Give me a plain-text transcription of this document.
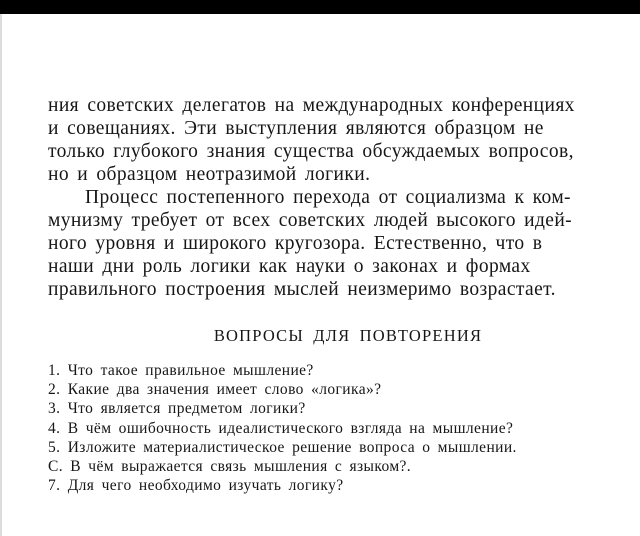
ния советских делегатов на международных конференциях
и совещаниях. Эти выступления являются образцом не
только глубокого знания существа обсуждаемых вопросов,
но и образцом неотразимой логики.
Процесс постепенного перехода от социализма к ком-
мунизму требует от всех советских людей высокого идей-
ного уровня и широкого кругозора. Естественно, что в
наши дни роль логики как науки о законах и формах
правильного построения мыслей неизмеримо возрастает.
ВОПРОСЫ ДЛЯ ПОВТОРЕНИЯ
1. Что такое правильное мышление?
2. Какие два значения имеет слово «логика»?
3. Что является предметом логики?
4. В чём ошибочность идеалистического взгляда на мышление?
5. Изложите материалистическое решение вопроса о мышлении.
С. В чём выражается связь мышления с языком?.
7. Для чего необходимо изучать логику?
